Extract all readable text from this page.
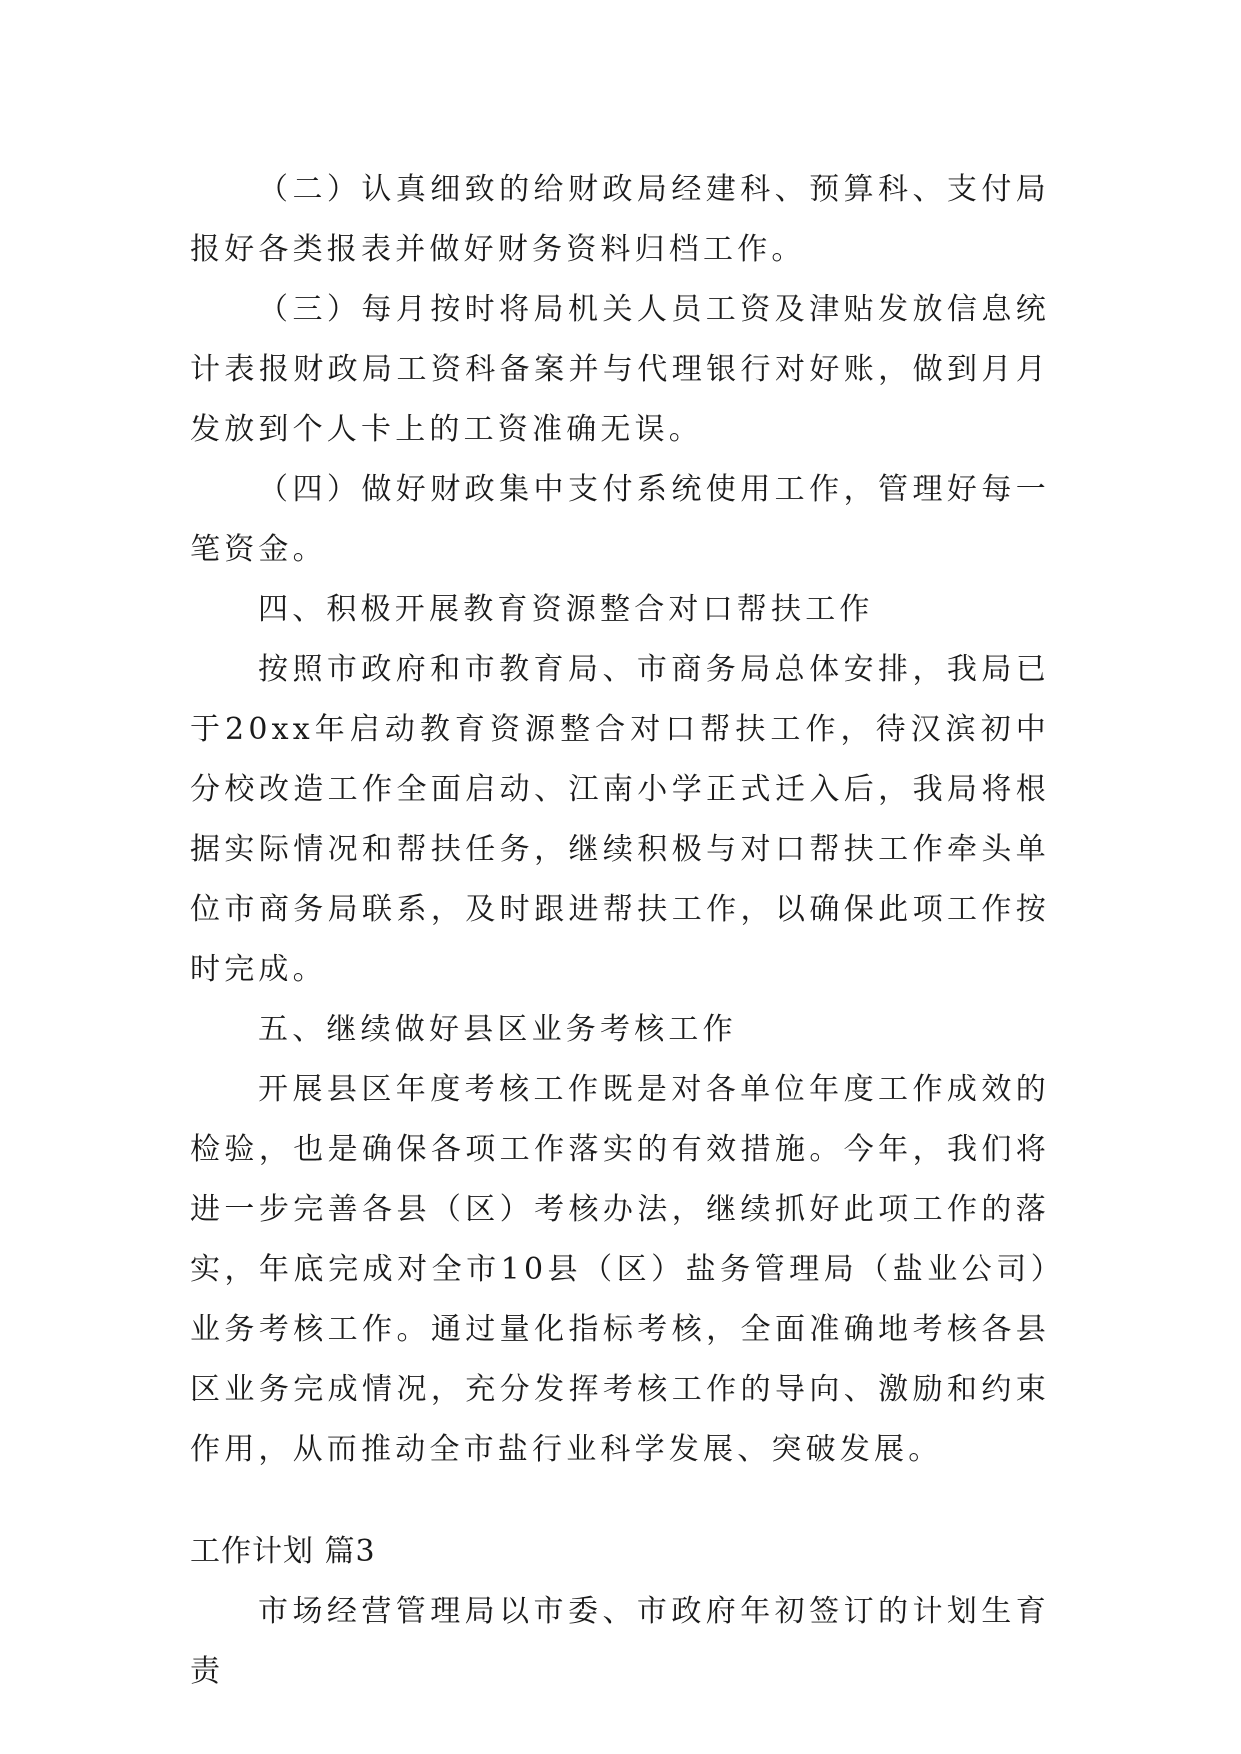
（二）认真细致的给财政局经建科、预算科、支付局报好各类报表并做好财务资料归档工作。

（三）每月按时将局机关人员工资及津贴发放信息统计表报财政局工资科备案并与代理银行对好账，做到月月发放到个人卡上的工资准确无误。

（四）做好财政集中支付系统使用工作，管理好每一笔资金。

四、积极开展教育资源整合对口帮扶工作

按照市政府和市教育局、市商务局总体安排，我局已于20xx年启动教育资源整合对口帮扶工作，待汉滨初中分校改造工作全面启动、江南小学正式迁入后，我局将根据实际情况和帮扶任务，继续积极与对口帮扶工作牵头单位市商务局联系，及时跟进帮扶工作，以确保此项工作按时完成。

五、继续做好县区业务考核工作

开展县区年度考核工作既是对各单位年度工作成效的检验，也是确保各项工作落实的有效措施。今年，我们将进一步完善各县（区）考核办法，继续抓好此项工作的落实，年底完成对全市10县（区）盐务管理局（盐业公司）业务考核工作。通过量化指标考核，全面准确地考核各县区业务完成情况，充分发挥考核工作的导向、激励和约束作用，从而推动全市盐行业科学发展、突破发展。

工作计划 篇3

市场经营管理局以市委、市政府年初签订的计划生育责
